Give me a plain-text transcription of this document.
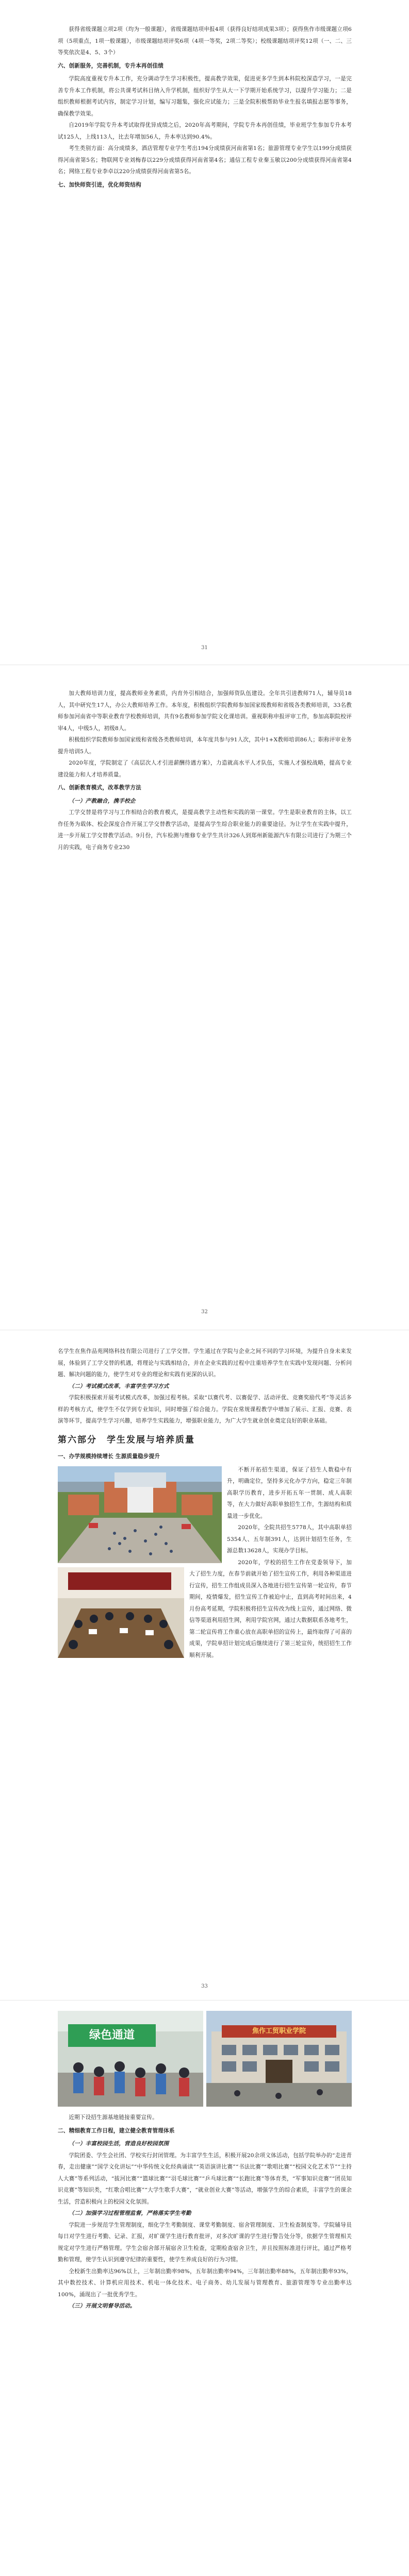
获得省级课题立项2项（均为一般课题），省级课题结项申报4项（获得良好结项成果3项）；获得焦作市级课题立项6项（5项重点，1项一般课题），市级课题结项评奖6项（4项一等奖，2项二等奖）；校级课题结项评奖12项（一、二、三等奖依次是4、5、3个）

六、创新服务，完善机制，专升本再创佳绩

学院高度重视专升本工作，充分调动学生学习积极性，提高教学效果，促进更多学生到本科院校深造学习，一是完善专升本工作机制，将公共课考试科目纳入升学机制，组织好学生从大一下学期开始系统学习，以提升学习能力；二是组织教师根据考试内容，制定学习计划，编写习题集，强化应试能力；三是全院积极帮助毕业生报名填报志愿等事务，确保教学效果。

自2019年学院专升本考试取得优异成绩之后，2020年高考期间，学院专升本再创佳绩，毕业班学生参加专升本考试125人，上线113人，比去年增加56人，升本率达到90.4%。

考生类别方面：高分成绩多，酒店管理专业学生考出194分成绩获河南省第1名；旅游管理专业学生以199分成绩获得河南省第5名；物联网专业刘梅春以229分成绩获得河南省第4名；通信工程专业秦玉敏以200分成绩获得河南省第4名；网络工程专业李卓以220分成绩获得河南省第5名。

七、加快师资引进，优化师资结构

31

加大教师培训力度，提高教师业务素质，内育外引相结合，加强师资队伍建设。全年共引进教师71人，辅导员18人，其中研究生17人，办公大教师培养工作。本年度，积极组织学院教师参加国家级教师和省级各类教师培训，33名教师参加河南省中等职业教育学校教师培训，共有9名教师参加学院文化课培训。重视职称申报评审工作，参加高职院校评审4人，中级5人，初级8人。

积极组织学院教师参加国家级和省级各类教师培训，本年度共参与91人次，其中1+X教师培训86人；职称评审业务提升培训5人。

2020年度，学院制定了《高层次人才引进薪酬待遇方案》，力造就高水平人才队伍，实施人才强校战略，提高专业建设能力和人才培养质量。

八、创新教育模式，改革教学方法

（一）产教融合，携手校企

工学交替是将学习与工作相结合的教育模式，是提高教学主动性和实践的第一课堂。学生是职业教育的主体，以工作任务为载体、校企深度合作开展工学交替教学活动，是提高学生综合职业能力的重要途径。为让学生在实践中提升，进一步开展工学交替教学活动。9月份，汽车检测与维修专业学生共计326人到郑州新能源汽车有限公司进行了为期三个月的实践，电子商务专业230

32

名学生在焦作品苑网络科技有限公司进行了工学交替。学生通过在学院与企业之间不同的学习环境，为提升自身未来发展，体验到了工学交替的机遇，将理论与实践相结合，并在企业实践的过程中注重培养学生在实践中发现问题、分析问题、解决问题的能力，使学生对专业的理论和实践有更深的认识。

（二）考试模式改革，丰富学生学习方式

学院积极探索开展考试模式改革，加强过程考核。采取“以赛代考、以赛促学、活动评优、竞赛奖励代考”等灵活多样的考核方式，使学生不仅学到专业知识，同时增强了综合能力。学院在常规课程教学中增加了展示、汇报、竞赛、表演等环节，提高学生学习兴趣，培养学生实践能力，增强职业能力，为广大学生就业创业奠定良好的职业基础。

第六部分　学生发展与培养质量

一、办学规模持续增长 生源质量稳步提升

不断开拓招生渠道，保证了招生人数稳中有升，明确定位，坚持多元化办学方向，稳定三年制高职学历教育，进步开拓五年一贯制、成人高职等，在大力做好高职单独招生工作，生源结构和质量进一步优化。

2020年，全院共招生5778人，其中高职单招5354人、五年制391人，达到计划招生任务，生源总数13628人，实现办学目标。

2020年，学校的招生工作在党委领导下，加大了招生力度，在春节前就开始了招生宣传工作，利用各种渠道进行宣传，招生工作组成员深入各地进行招生宣传第一轮宣传，春节期间，疫情爆发，招生宣传工作被迫中止，直到高考时间出来，4月份高考延期，学院积极将招生宣传改为线上宣传，通过网络、微信等渠道利用招生网，利用学院官网，通过大数据联系各地考生，第二轮宣传将工作重心放在高职单招的宣传上，最终取得了可喜的成果，学院单招计划完成后继续进行了第三轮宣传，统招招生工作顺利开展。

33
绿色通道	焦作工贸职业学院

近期下设招生源基地链接重要宣传。

二、精细教育工作日程，建立健全教育管理体系

（一）丰富校园生活，营造良好校园氛围

学院团委、学生会社团、学校实行封闭管理。为丰富学生生活，积极开展20余项文体活动，包括学院举办的“走进青春，走出健康”“国学文化讲坛”“中华传统文化经典诵读”“英语演讲比赛”“书法比赛”“歌唱比赛”“校园文化艺术节”“主持人大赛”等系列活动，“拔河比赛”“篮球比赛”“羽毛球比赛”“乒乓球比赛”“长跑比赛”等体育类，“军事知识竞赛”“团员知识竞赛”等知识类，“红歌合唱比赛”“大学生歌手大赛”，“就业创业大赛”等活动，增强学生的综合素质，丰富学生的课余生活，营造积极向上的校园文化氛围。

（二）加强学习过程管理监督，严格落实学生考勤

学院进一步规范学生管理制度，细化学生考勤制度、课堂考勤制度、宿舍管理制度、卫生检查制度等。学院辅导员每日对学生进行考勤、记录、汇报，对旷课学生进行教育批评，对多次旷课的学生进行警告处分等，依据学生管理相关规定对学生进行严格管理。学生会宿舍部开展宿舍卫生检查，定期检查宿舍卫生，并且按照标准进行评比，通过严格考勤和管理，使学生认识到遵守纪律的重要性，使学生养成良好的行为习惯。

全校新生出勤率达96%以上，三年制出勤率98%，五年制出勤率94%，三年制出勤率88%，五年制出勤率93%，其中数控技术、计算机应用技术、机电一体化技术、电子商务、幼儿发展与管理教育、旅游管理等专业出勤率达100%，涌现出了一批优秀学生。

（三）开展文明督导活动。
